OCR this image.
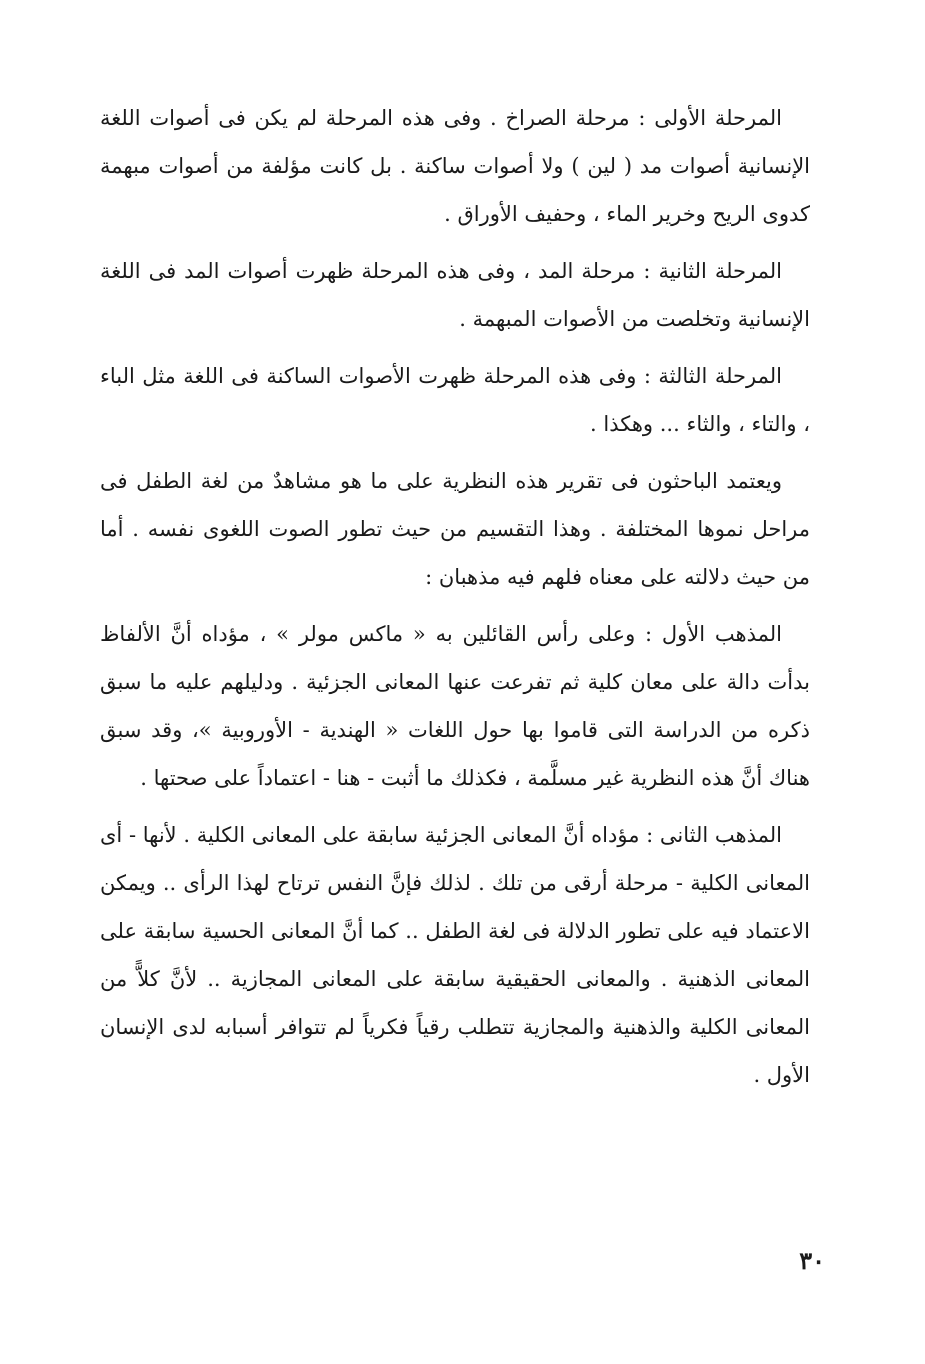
المرحلة الأولى : مرحلة الصراخ . وفى هذه المرحلة لم يكن فى أصوات اللغة الإنسانية أصوات مد ( لين ) ولا أصوات ساكنة . بل كانت مؤلفة من أصوات مبهمة كدوى الريح وخرير الماء ، وحفيف الأوراق .

المرحلة الثانية : مرحلة المد ، وفى هذه المرحلة ظهرت أصوات المد فى اللغة الإنسانية وتخلصت من الأصوات المبهمة .

المرحلة الثالثة : وفى هذه المرحلة ظهرت الأصوات الساكنة فى اللغة مثل الباء ، والتاء ، والثاء ... وهكذا .

ويعتمد الباحثون فى تقرير هذه النظرية على ما هو مشاهدٌ من لغة الطفل فى مراحل نموها المختلفة . وهذا التقسيم من حيث تطور الصوت اللغوى نفسه . أما من حيث دلالته على معناه فلهم فيه مذهبان :

المذهب الأول : وعلى رأس القائلين به « ماكس مولر » ، مؤداه أنَّ الألفاظ بدأت دالة على معان كلية ثم تفرعت عنها المعانى الجزئية . ودليلهم عليه ما سبق ذكره من الدراسة التى قاموا بها حول اللغات « الهندية - الأوروبية »، وقد سبق هناك أنَّ هذه النظرية غير مسلَّمة ، فكذلك ما أثبت - هنا - اعتماداً على صحتها .

المذهب الثانى : مؤداه أنَّ المعانى الجزئية سابقة على المعانى الكلية . لأنها - أى المعانى الكلية - مرحلة أرقى من تلك . لذلك فإنَّ النفس ترتاح لهذا الرأى .. ويمكن الاعتماد فيه على تطور الدلالة فى لغة الطفل .. كما أنَّ المعانى الحسية سابقة على المعانى الذهنية . والمعانى الحقيقية سابقة على المعانى المجازية .. لأنَّ كلاًّ من المعانى الكلية والذهنية والمجازية تتطلب رقياً فكرياً لم تتوافر أسبابه لدى الإنسان الأول .

٣٠
